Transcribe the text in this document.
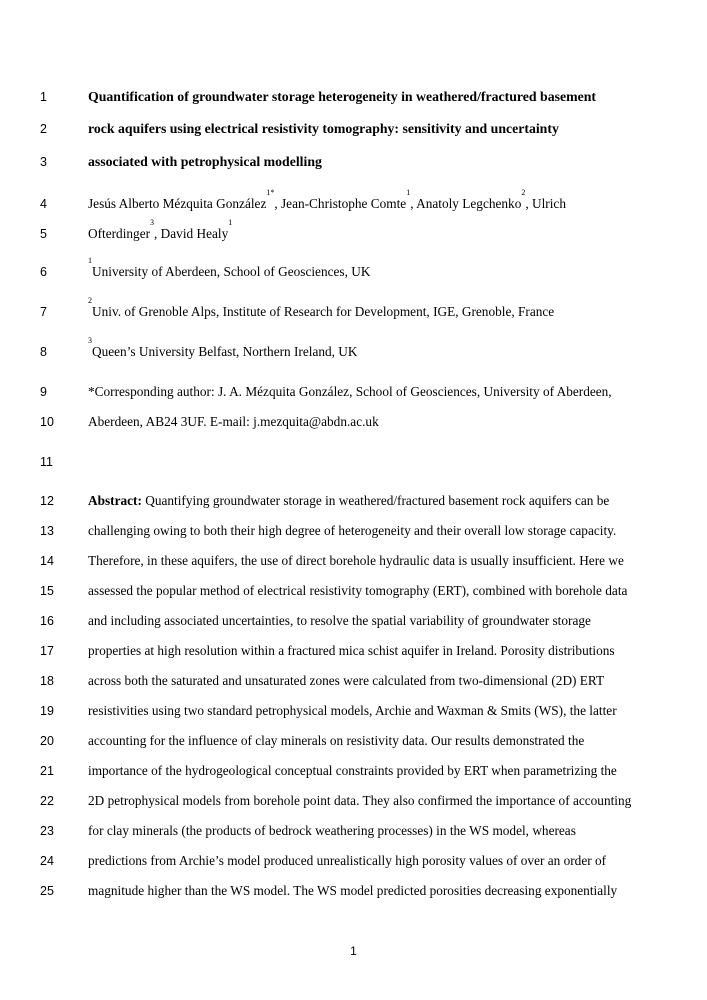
1	Quantification of groundwater storage heterogeneity in weathered/fractured basement
2	rock aquifers using electrical resistivity tomography: sensitivity and uncertainty
3	associated with petrophysical modelling
4	Jesús Alberto Mézquita González$^{1*}$, Jean-Christophe Comte$^1$, Anatoly Legchenko$^2$, Ulrich
5	Ofterdinger$^3$, David Healy$^1$
6
$^1$University of Aberdeen, School of Geosciences, UK
7
$^2$Univ. of Grenoble Alps, Institute of Research for Development, IGE, Grenoble, France
8
$^3$Queen’s University Belfast, Northern Ireland, UK
9	*Corresponding author: J. A. Mézquita González, School of Geosciences, University of Aberdeen,
10	Aberdeen, AB24 3UF. E-mail: j.mezquita@abdn.ac.uk
11
12	Abstract: Quantifying groundwater storage in weathered/fractured basement rock aquifers can be
13	challenging owing to both their high degree of heterogeneity and their overall low storage capacity.
14	Therefore, in these aquifers, the use of direct borehole hydraulic data is usually insufficient. Here we
15	assessed the popular method of electrical resistivity tomography (ERT), combined with borehole data
16	and including associated uncertainties, to resolve the spatial variability of groundwater storage
17	properties at high resolution within a fractured mica schist aquifer in Ireland. Porosity distributions
18	across both the saturated and unsaturated zones were calculated from two-dimensional (2D) ERT
19	resistivities using two standard petrophysical models, Archie and Waxman & Smits (WS), the latter
20	accounting for the influence of clay minerals on resistivity data. Our results demonstrated the
21	importance of the hydrogeological conceptual constraints provided by ERT when parametrizing the
22	2D petrophysical models from borehole point data. They also confirmed the importance of accounting
23	for clay minerals (the products of bedrock weathering processes) in the WS model, whereas
24	predictions from Archie’s model produced unrealistically high porosity values of over an order of
25	magnitude higher than the WS model. The WS model predicted porosities decreasing exponentially
1
